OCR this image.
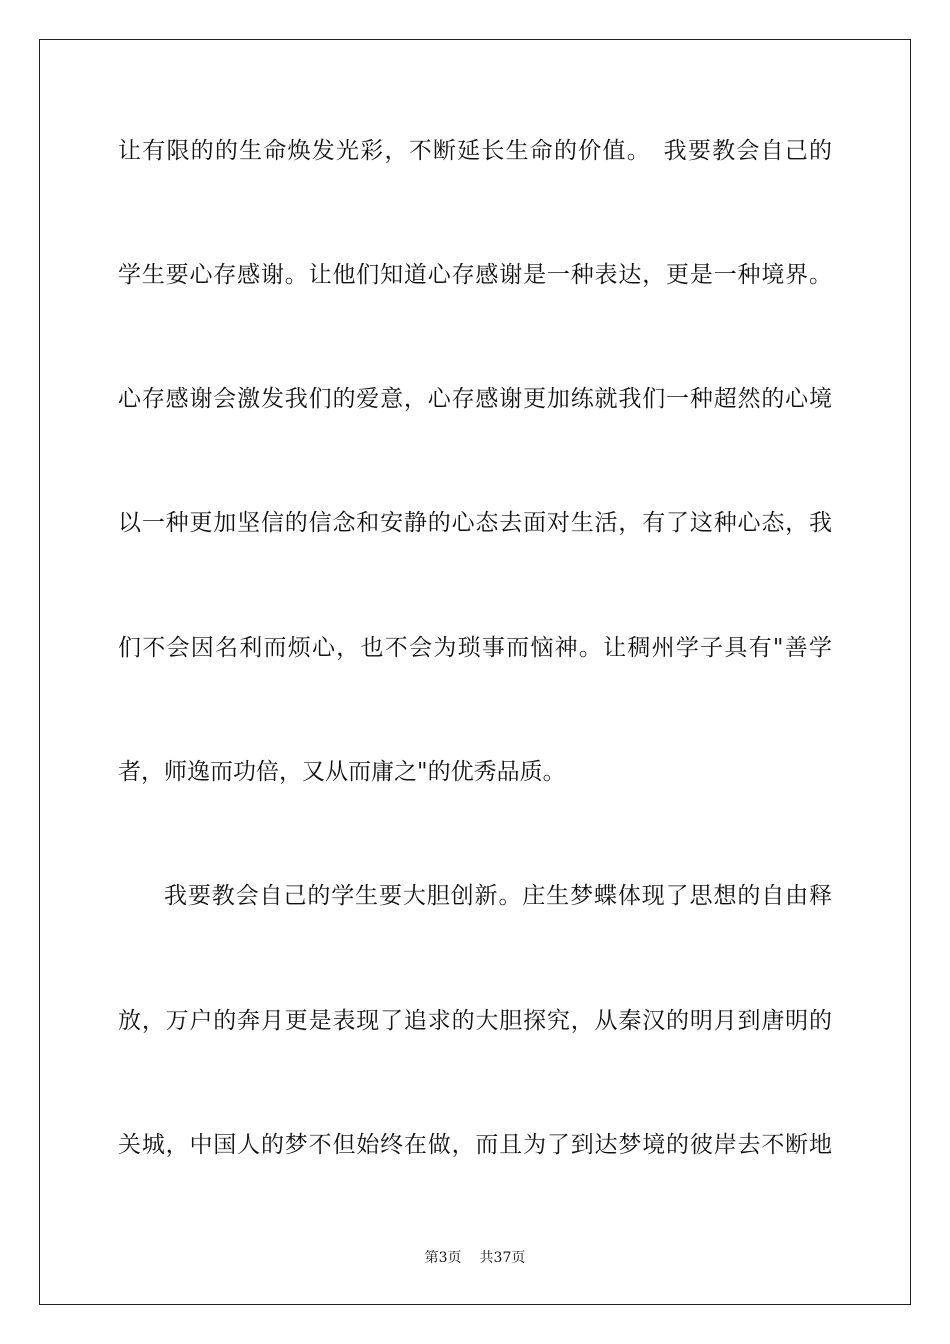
让有限的的生命焕发光彩，不断延长生命的价值。　我要教会自己的
学生要心存感谢。让他们知道心存感谢是一种表达，更是一种境界。
心存感谢会激发我们的爱意，心存感谢更加练就我们一种超然的心境
以一种更加坚信的信念和安静的心态去面对生活，有了这种心态，我
们不会因名利而烦心，也不会为琐事而恼神。让稠州学子具有"善学
者，师逸而功倍，又从而庸之"的优秀品质。
我要教会自己的学生要大胆创新。庄生梦蝶体现了思想的自由释
放，万户的奔月更是表现了追求的大胆探究，从秦汉的明月到唐明的
关城，中国人的梦不但始终在做，而且为了到达梦境的彼岸去不断地
第3页 共37页
